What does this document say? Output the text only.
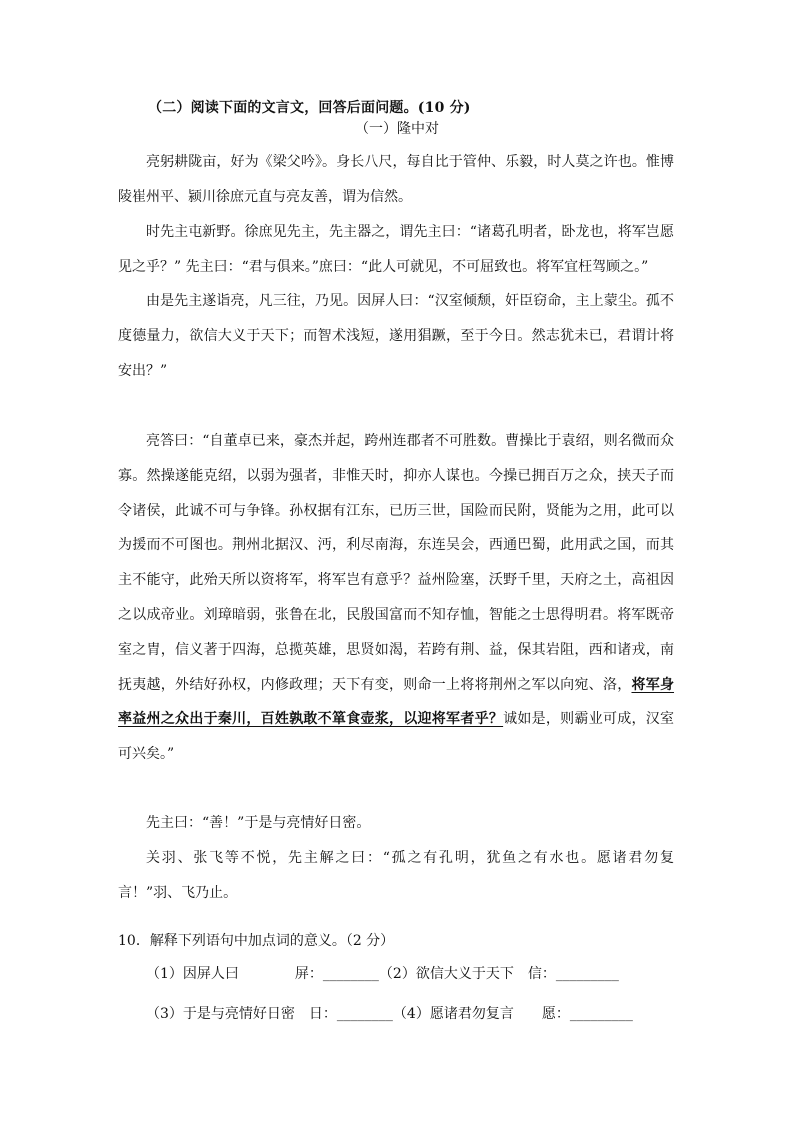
（二）阅读下面的文言文，回答后面问题。(10 分)
（一）隆中对
亮躬耕陇亩，好为《梁父吟》。身长八尺，每自比于管仲、乐毅，时人莫之许也。惟博陵崔州平、颍川徐庶元直与亮友善，谓为信然。
时先主屯新野。徐庶见先主，先主器之，谓先主曰：“诸葛孔明者，卧龙也，将军岂愿见之乎？” 先主曰：“君与俱来。”庶曰：“此人可就见，不可屈致也。将军宜枉驾顾之。”
由是先主遂诣亮，凡三往，乃见。因屏人曰：“汉室倾颓，奸臣窃命，主上蒙尘。孤不度德量力，欲信大义于天下；而智术浅短，遂用猖蹶，至于今日。然志犹未已，君谓计将安出？”
亮答曰：“自董卓已来，豪杰并起，跨州连郡者不可胜数。曹操比于袁绍，则名微而众寡。然操遂能克绍，以弱为强者，非惟天时，抑亦人谋也。今操已拥百万之众，挟天子而令诸侯，此诚不可与争锋。孙权据有江东，已历三世，国险而民附，贤能为之用，此可以为援而不可图也。荆州北据汉、沔，利尽南海，东连吴会，西通巴蜀，此用武之国，而其主不能守，此殆天所以资将军，将军岂有意乎？益州险塞，沃野千里，天府之土，高祖因之以成帝业。刘璋暗弱，张鲁在北，民殷国富而不知存恤，智能之士思得明君。将军既帝室之胄，信义著于四海，总揽英雄，思贤如渴，若跨有荆、益，保其岩阻，西和诸戎，南抚夷越，外结好孙权，内修政理；天下有变，则命一上将将荆州之军以向宛、洛，将军身率益州之众出于秦川，百姓孰敢不箪食壶浆，以迎将军者乎？诚如是，则霸业可成，汉室可兴矣。”
先主曰：“善！”于是与亮情好日密。
关羽、张飞等不悦，先主解之曰：“孤之有孔明，犹鱼之有水也。愿诸君勿复言！”羽、飞乃止。
10．解释下列语句中加点词的意义。（2 分）
（1）因屏人曰　　　　屏：________（2）欲信大义于天下　信：_________
（3）于是与亮情好日密　日：________（4）愿诸君勿复言　　愿：_________
